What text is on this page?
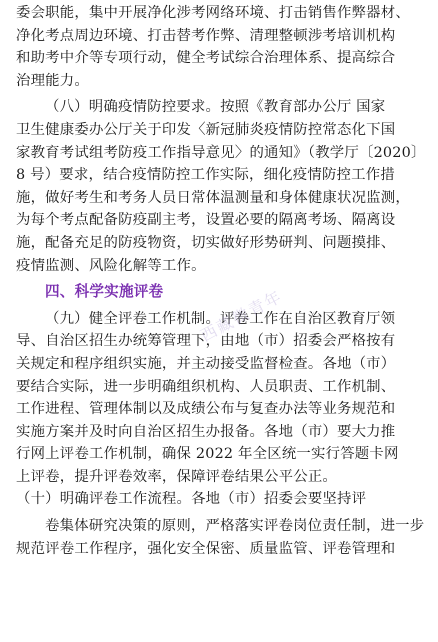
委会职能，集中开展净化涉考网络环境、打击销售作弊器材、
净化考点周边环境、打击替考作弊、清理整顿涉考培训机构
和助考中介等专项行动，健全考试综合治理体系、提高综合
治理能力。
（八）明确疫情防控要求。按照《教育部办公厅 国家
卫生健康委办公厅关于印发〈新冠肺炎疫情防控常态化下国
家教育考试组考防疫工作指导意见〉的通知》（教学厅〔2020〕
8 号）要求，结合疫情防控工作实际，细化疫情防控工作措
施，做好考生和考务人员日常体温测量和身体健康状况监测，
为每个考点配备防疫副主考，设置必要的隔离考场、隔离设
施，配备充足的防疫物资，切实做好形势研判、问题摸排、
疫情监测、风险化解等工作。
四、科学实施评卷
（九）健全评卷工作机制。评卷工作在自治区教育厅领
导、自治区招生办统筹管理下，由地（市）招委会严格按有
关规定和程序组织实施，并主动接受监督检查。各地（市）
要结合实际，进一步明确组织机构、人员职责、工作机制、
工作进程、管理体制以及成绩公布与复查办法等业务规范和
实施方案并及时向自治区招生办报备。各地（市）要大力推
行网上评卷工作机制，确保 2022 年全区统一实行答题卡网
上评卷，提升评卷效率，保障评卷结果公平公正。
（十）明确评卷工作流程。各地（市）招委会要坚持评
卷集体研究决策的原则，严格落实评卷岗位责任制，进一步
规范评卷工作程序，强化安全保密、质量监管、评卷管理和
西藏微青年
